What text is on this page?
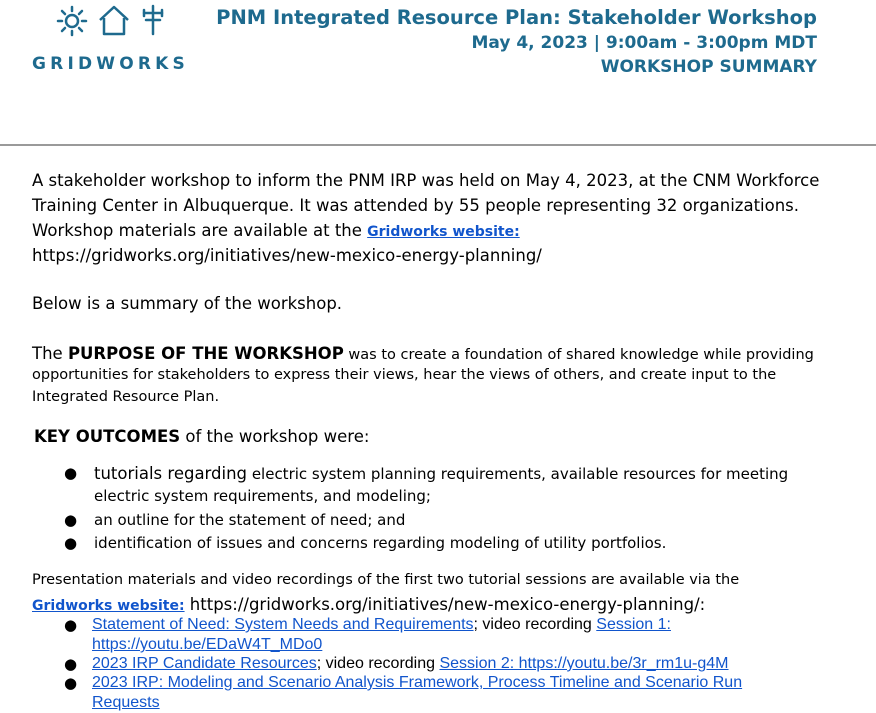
GRIDWORKS
PNM Integrated Resource Plan: Stakeholder Workshop
May 4, 2023 | 9:00am - 3:00pm MDT
WORKSHOP SUMMARY
A stakeholder workshop to inform the PNM IRP was held on May 4, 2023, at the CNM Workforce
Training Center in Albuquerque. It was attended by 55 people representing 32 organizations.
Workshop materials are available at the Gridworks website:
https://gridworks.org/initiatives/new-mexico-energy-planning/
Below is a summary of the workshop.
The PURPOSE OF THE WORKSHOP was to create a foundation of shared knowledge while providing
opportunities for stakeholders to express their views, hear the views of others, and create input to the
Integrated Resource Plan.
KEY OUTCOMES of the workshop were:
● tutorials regarding electric system planning requirements, available resources for meeting
electric system requirements, and modeling;
● an outline for the statement of need; and
● identification of issues and concerns regarding modeling of utility portfolios.
Presentation materials and video recordings of the first two tutorial sessions are available via the
Gridworks website: https://gridworks.org/initiatives/new-mexico-energy-planning/:
● Statement of Need: System Needs and Requirements; video recording Session 1:
https://youtu.be/EDaW4T_MDo0
● 2023 IRP Candidate Resources; video recording Session 2: https://youtu.be/3r_rm1u-g4M
● 2023 IRP: Modeling and Scenario Analysis Framework, Process Timeline and Scenario Run
Requests
